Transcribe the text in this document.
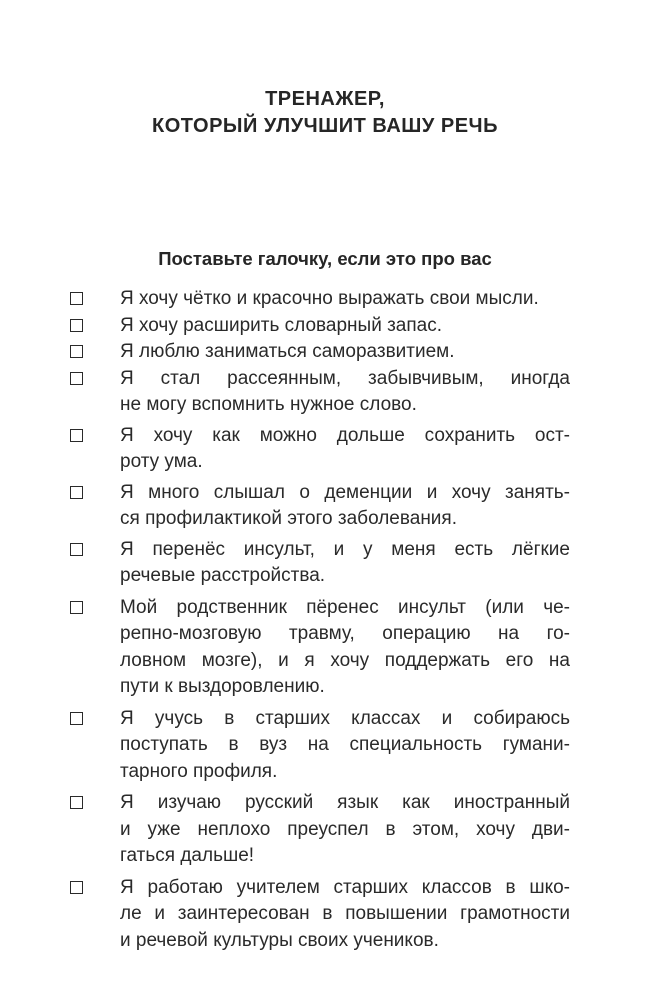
ТРЕНАЖЕР,
КОТОРЫЙ УЛУЧШИТ ВАШУ РЕЧЬ
Поставьте галочку, если это про вас
Я хочу чётко и красочно выражать свои мысли.
Я хочу расширить словарный запас.
Я люблю заниматься саморазвитием.
Я стал рассеянным, забывчивым, иногда
не могу вспомнить нужное слово.
Я хочу как можно дольше сохранить ост-
роту ума.
Я много слышал о деменции и хочу занять-
ся профилактикой этого заболевания.
Я перенёс инсульт, и у меня есть лёгкие
речевые расстройства.
Мой родственник пёренес инсульт (или че-
репно-мозговую травму, операцию на го-
ловном мозге), и я хочу поддержать его на
пути к выздоровлению.
Я учусь в старших классах и собираюсь
поступать в вуз на специальность гумани-
тарного профиля.
Я изучаю русский язык как иностранный
и уже неплохо преуспел в этом, хочу дви-
гаться дальше!
Я работаю учителем старших классов в шко-
ле и заинтересован в повышении грамотности
и речевой культуры своих учеников.
